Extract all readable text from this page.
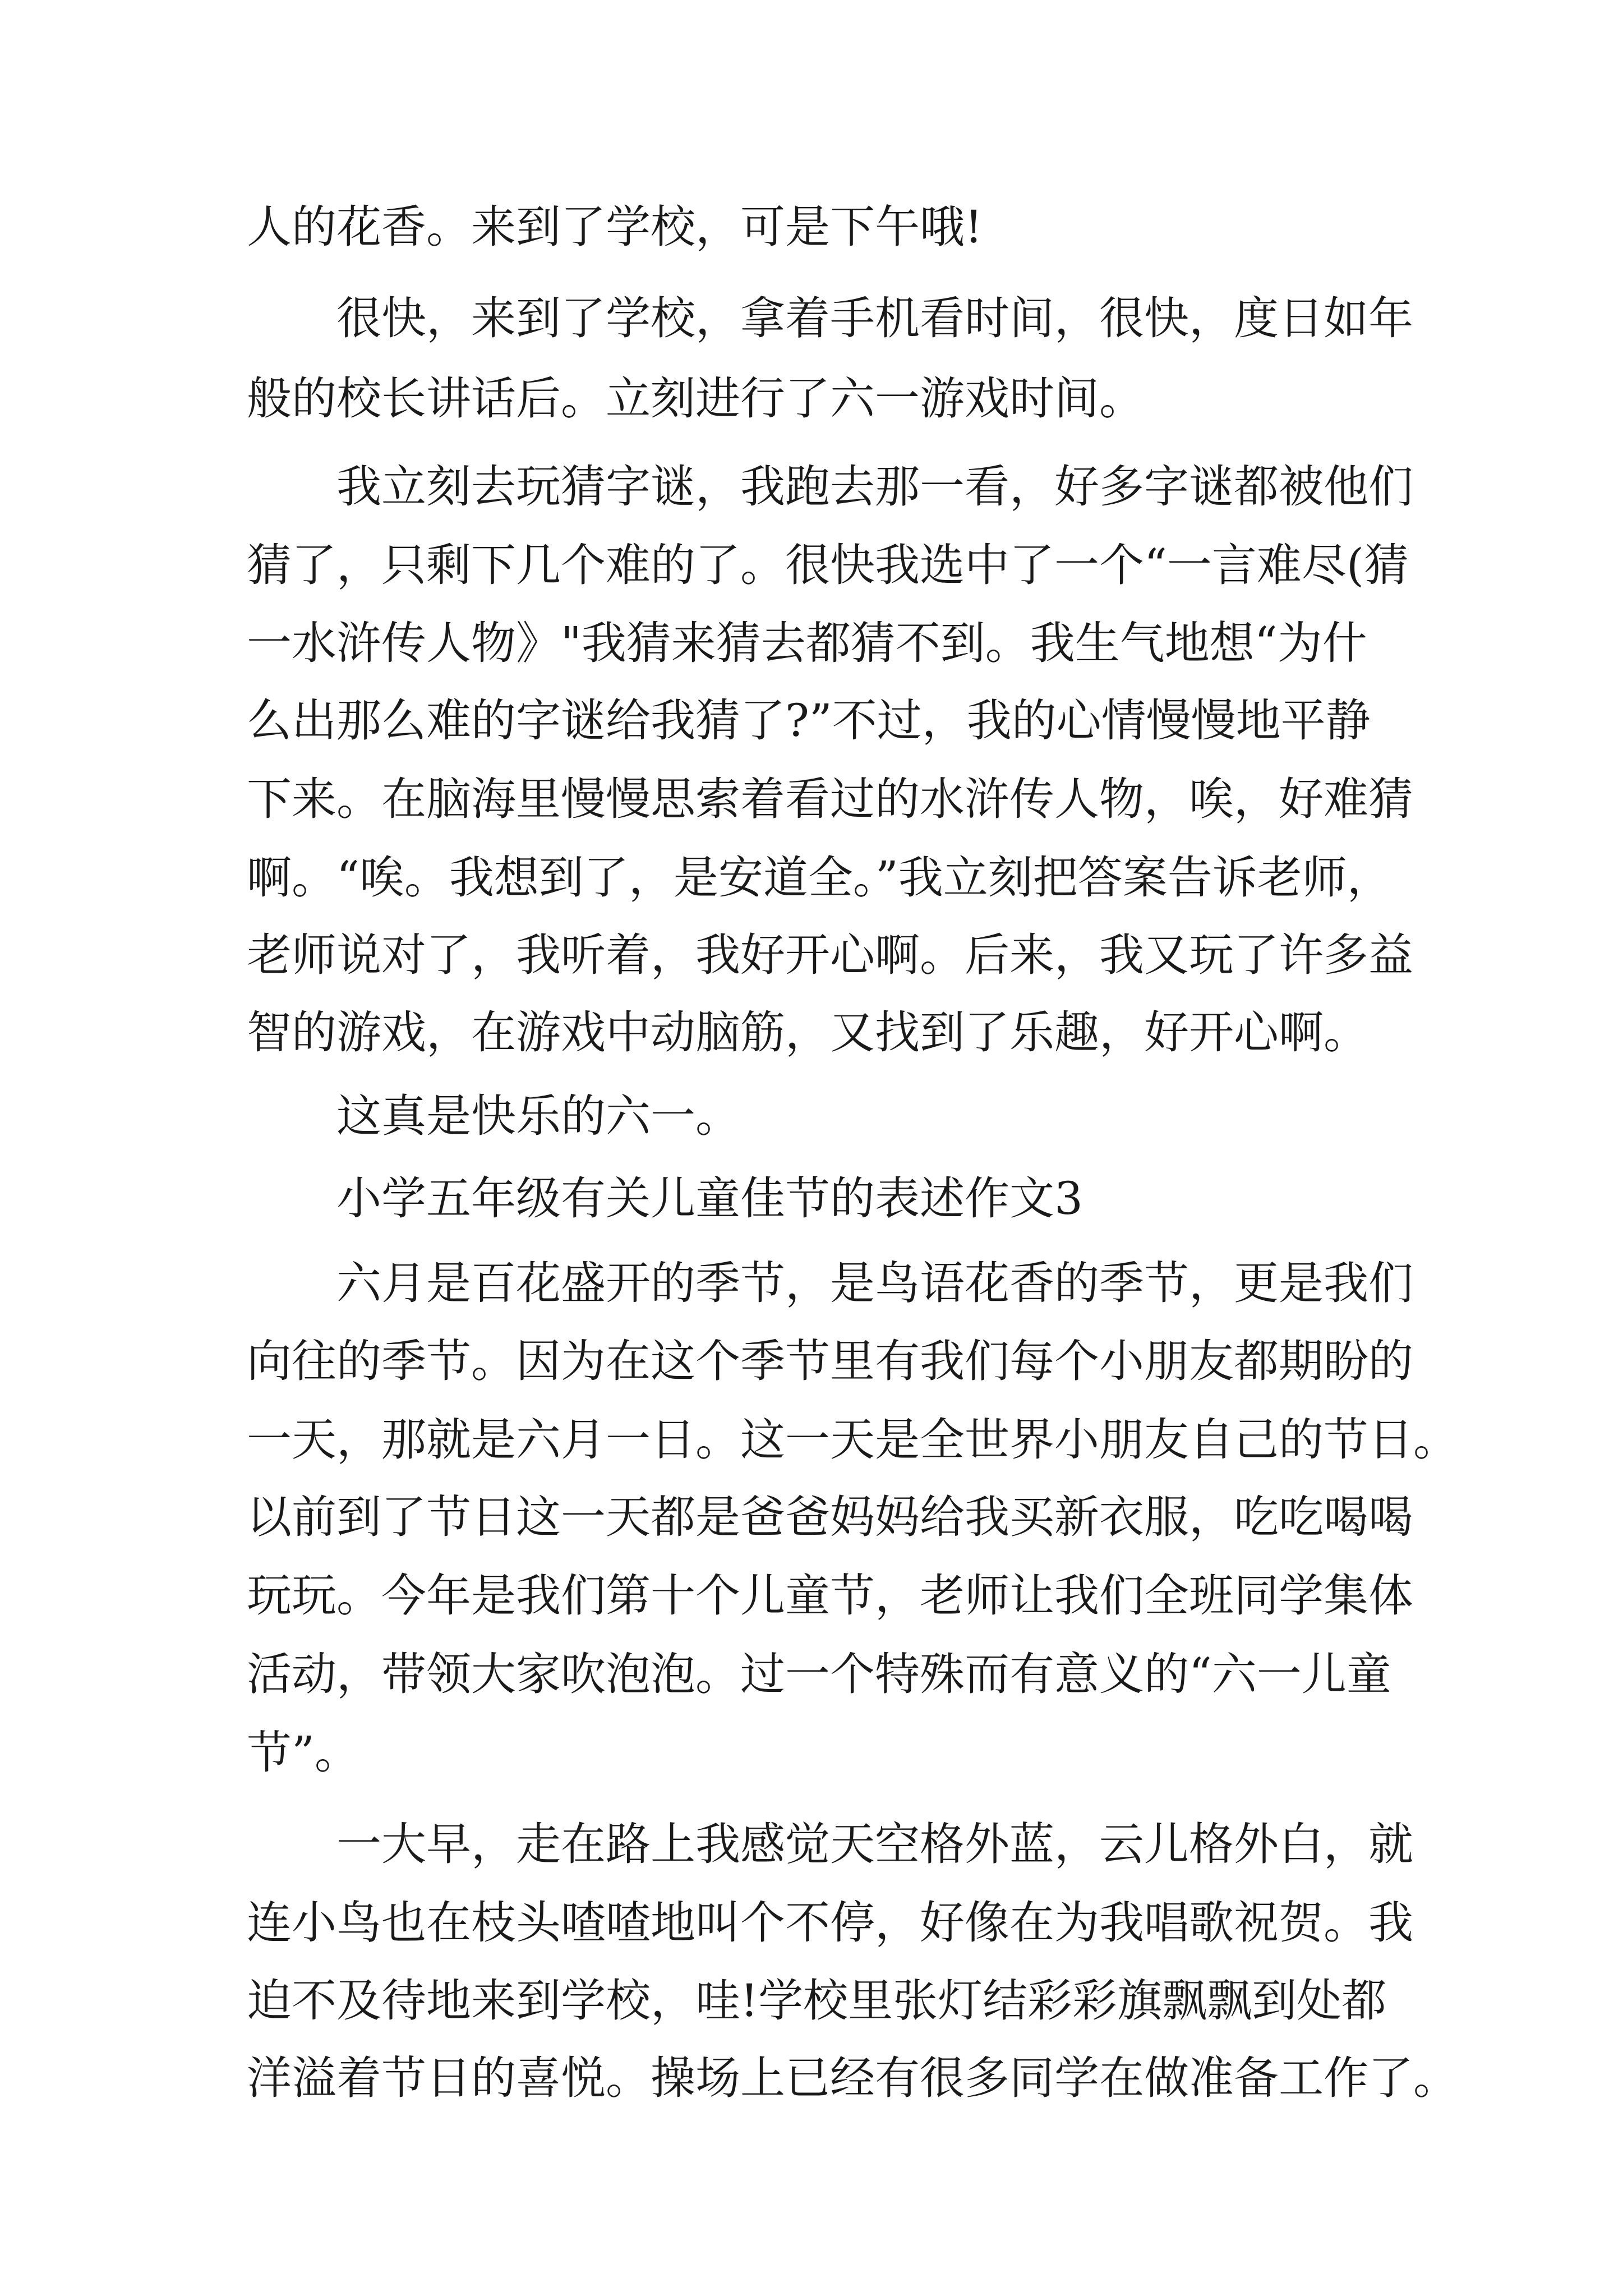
人的花香。来到了学校，可是下午哦!

很快，来到了学校，拿着手机看时间，很快，度日如年

般的校长讲话后。立刻进行了六一游戏时间。

我立刻去玩猜字谜，我跑去那一看，好多字谜都被他们

猜了，只剩下几个难的了。很快我选中了一个“一言难尽(猜

一水浒传人物》"我猜来猜去都猜不到。我生气地想“为什

么出那么难的字谜给我猜了?”不过，我的心情慢慢地平静

下来。在脑海里慢慢思索着看过的水浒传人物，唉，好难猜

啊。“唉。我想到了，是安道全。”我立刻把答案告诉老师，

老师说对了，我听着，我好开心啊。后来，我又玩了许多益

智的游戏，在游戏中动脑筋，又找到了乐趣，好开心啊。

这真是快乐的六一。

小学五年级有关儿童佳节的表述作文3

六月是百花盛开的季节，是鸟语花香的季节，更是我们

向往的季节。因为在这个季节里有我们每个小朋友都期盼的

一天，那就是六月一日。这一天是全世界小朋友自己的节日。

以前到了节日这一天都是爸爸妈妈给我买新衣服，吃吃喝喝

玩玩。今年是我们第十个儿童节，老师让我们全班同学集体

活动，带领大家吹泡泡。过一个特殊而有意义的“六一儿童

节”。

一大早，走在路上我感觉天空格外蓝，云儿格外白，就

连小鸟也在枝头喳喳地叫个不停，好像在为我唱歌祝贺。我

迫不及待地来到学校，哇!学校里张灯结彩彩旗飘飘到处都

洋溢着节日的喜悦。操场上已经有很多同学在做准备工作了。
